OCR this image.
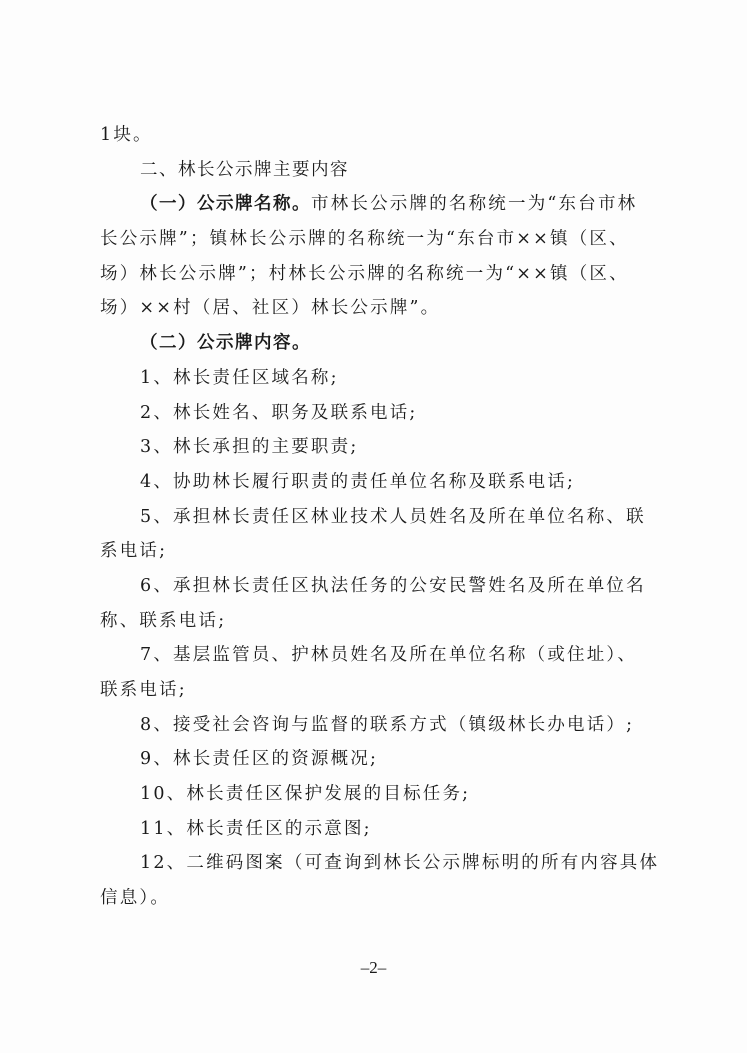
1块。
二、林长公示牌主要内容
（一）公示牌名称。市林长公示牌的名称统一为“东台市林
长公示牌”；镇林长公示牌的名称统一为“东台市××镇（区、
场）林长公示牌”；村林长公示牌的名称统一为“××镇（区、
场）××村（居、社区）林长公示牌”。
（二）公示牌内容。
1、林长责任区域名称;
2、林长姓名、职务及联系电话;
3、林长承担的主要职责;
4、协助林长履行职责的责任单位名称及联系电话;
5、承担林长责任区林业技术人员姓名及所在单位名称、联
系电话;
6、承担林长责任区执法任务的公安民警姓名及所在单位名
称、联系电话;
7、基层监管员、护林员姓名及所在单位名称（或住址）、
联系电话;
8、接受社会咨询与监督的联系方式（镇级林长办电话）;
9、林长责任区的资源概况;
10、林长责任区保护发展的目标任务;
11、林长责任区的示意图;
12、二维码图案（可查询到林长公示牌标明的所有内容具体
信息）。
–2–
